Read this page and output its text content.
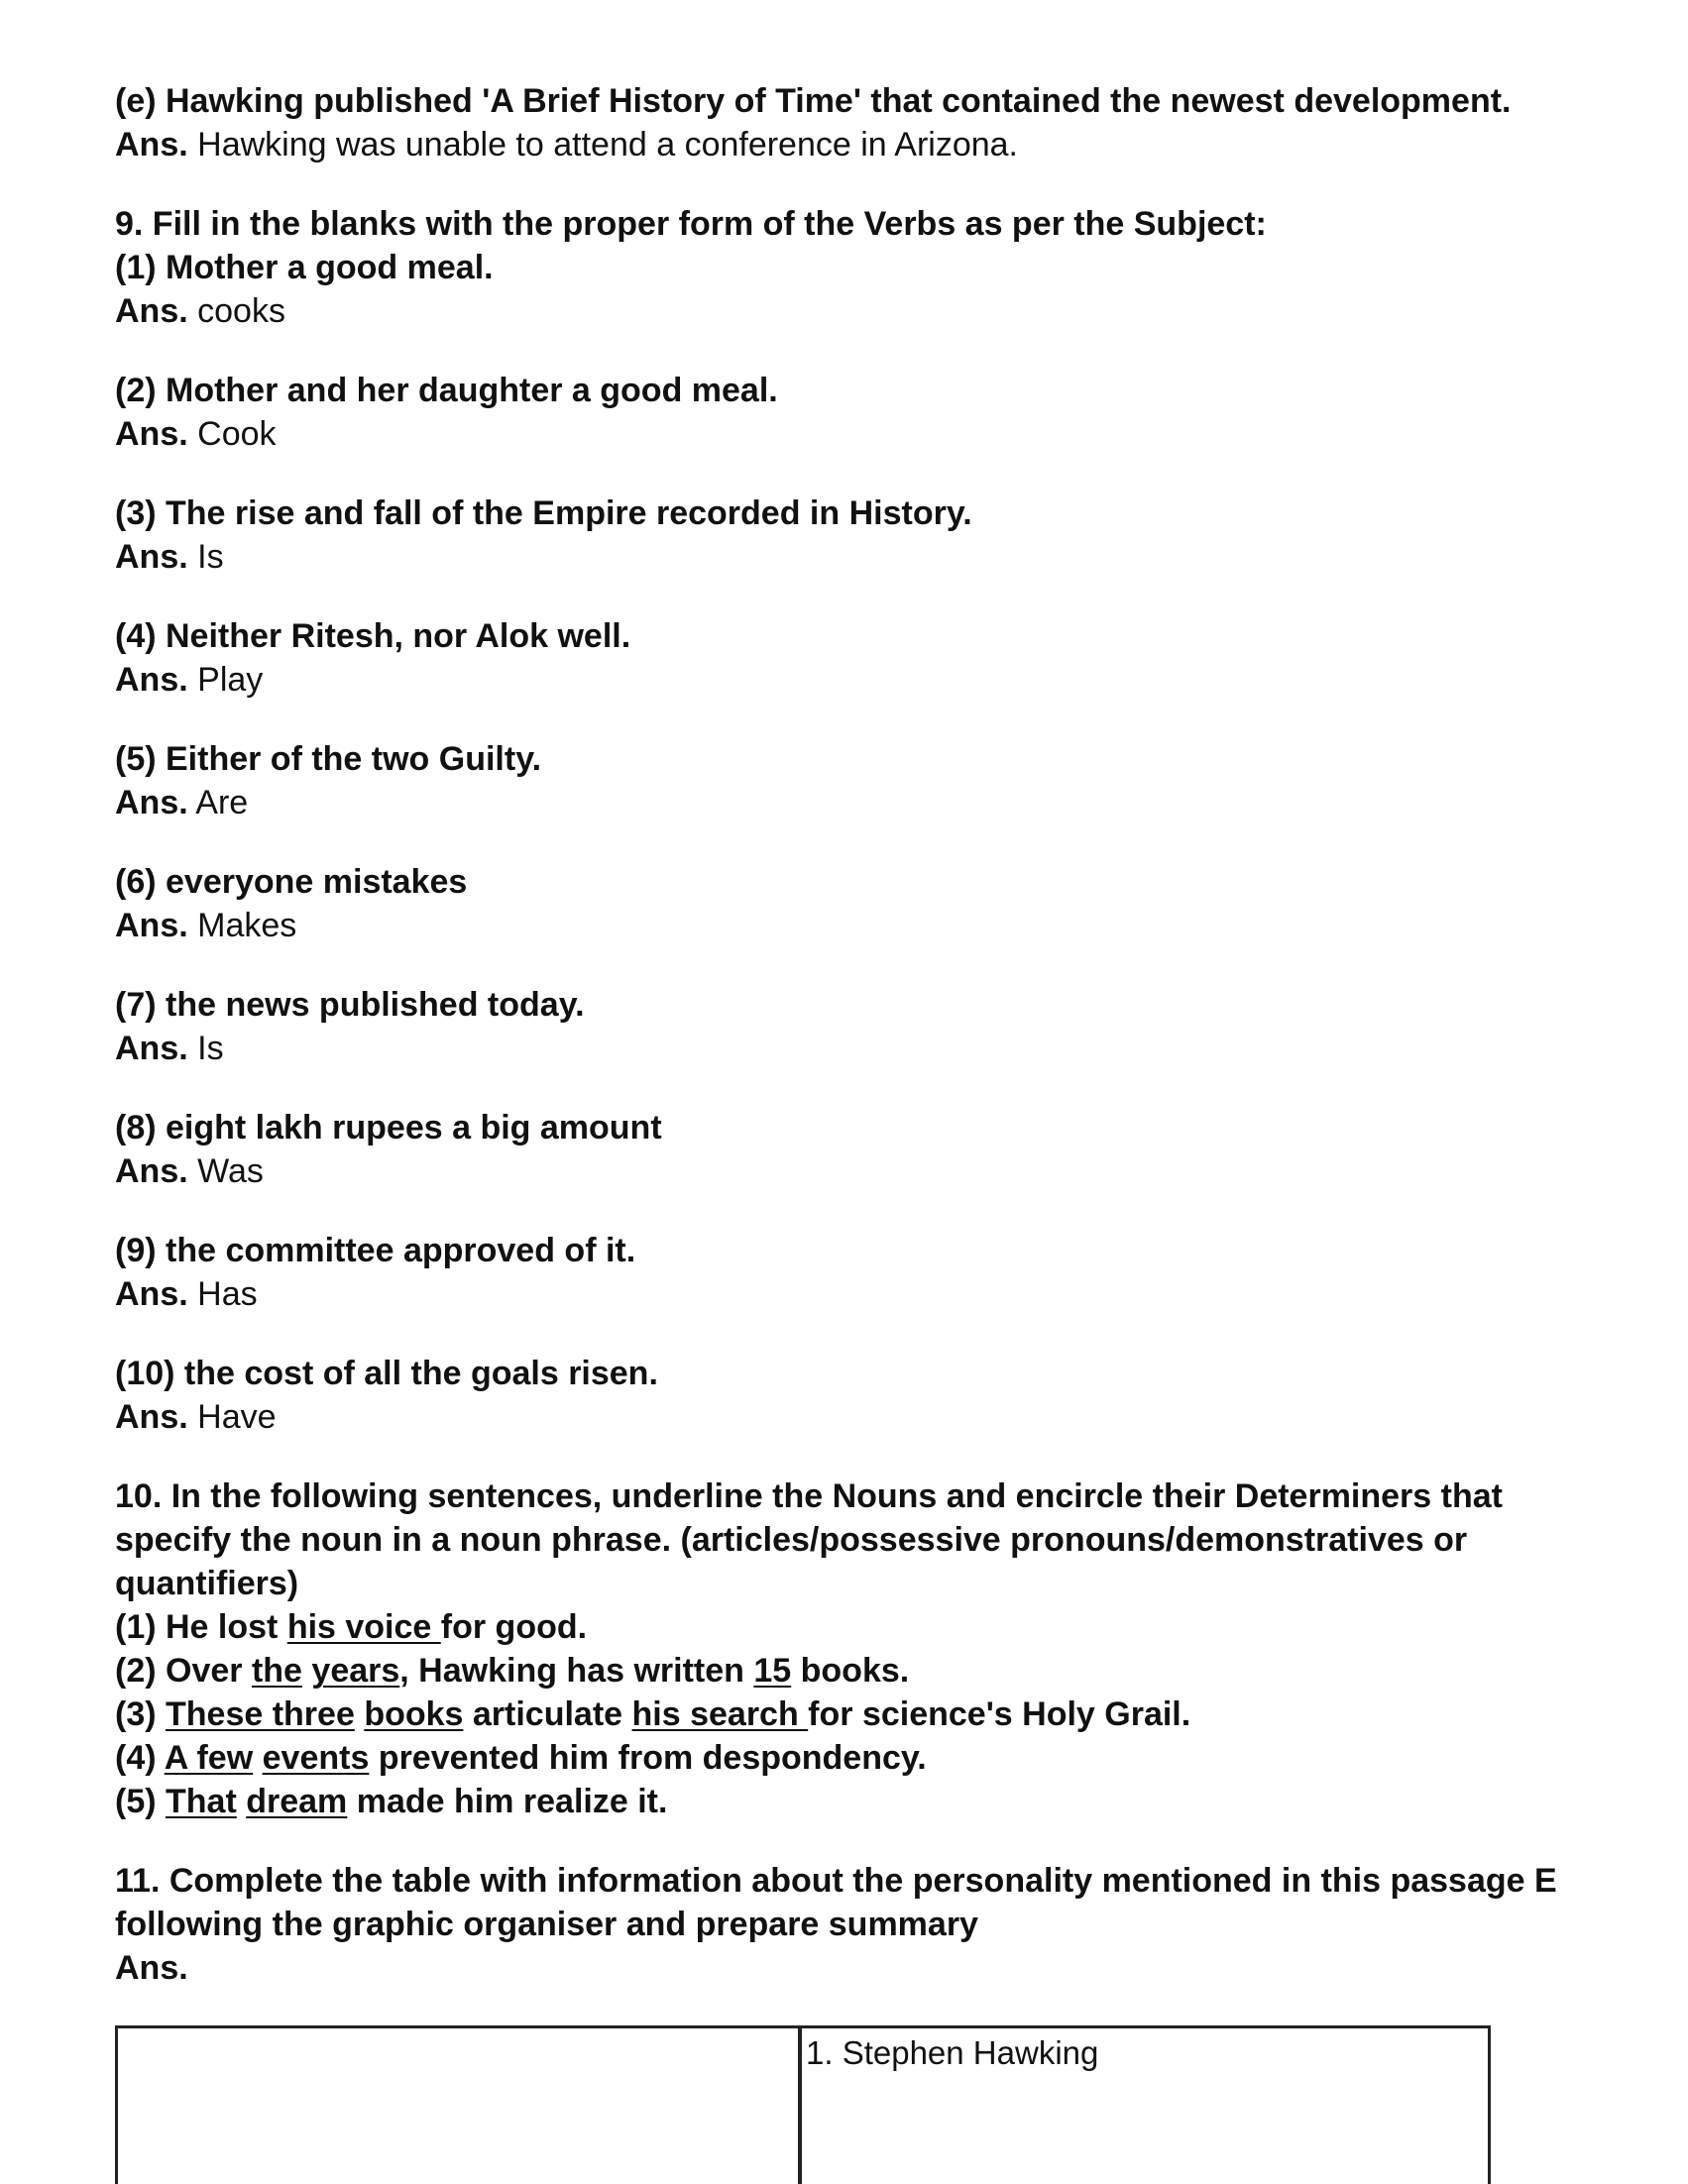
(e) Hawking published 'A Brief History of Time' that contained the newest development.

Ans. Hawking was unable to attend a conference in Arizona.

9. Fill in the blanks with the proper form of the Verbs as per the Subject:

(1) Mother a good meal.

Ans. cooks

(2) Mother and her daughter a good meal.

Ans. Cook

(3) The rise and fall of the Empire recorded in History.

Ans. Is

(4) Neither Ritesh, nor Alok well.

Ans. Play

(5) Either of the two Guilty.

Ans. Are

(6) everyone mistakes

Ans. Makes

(7) the news published today.

Ans. Is

(8) eight lakh rupees a big amount

Ans. Was

(9) the committee approved of it.

Ans. Has

(10) the cost of all the goals risen.

Ans. Have

10. In the following sentences, underline the Nouns and encircle their Determiners that specify the noun in a noun phrase. (articles/possessive pronouns/demonstratives or quantifiers)

(1) He lost his voice for good.

(2) Over the years, Hawking has written 15 books.

(3) These three books articulate his search for science's Holy Grail.

(4) A few events prevented him from despondency.

(5) That dream made him realize it.

11. Complete the table with information about the personality mentioned in this passage E following the graphic organiser and prepare summary

Ans.

1. Stephen Hawking
